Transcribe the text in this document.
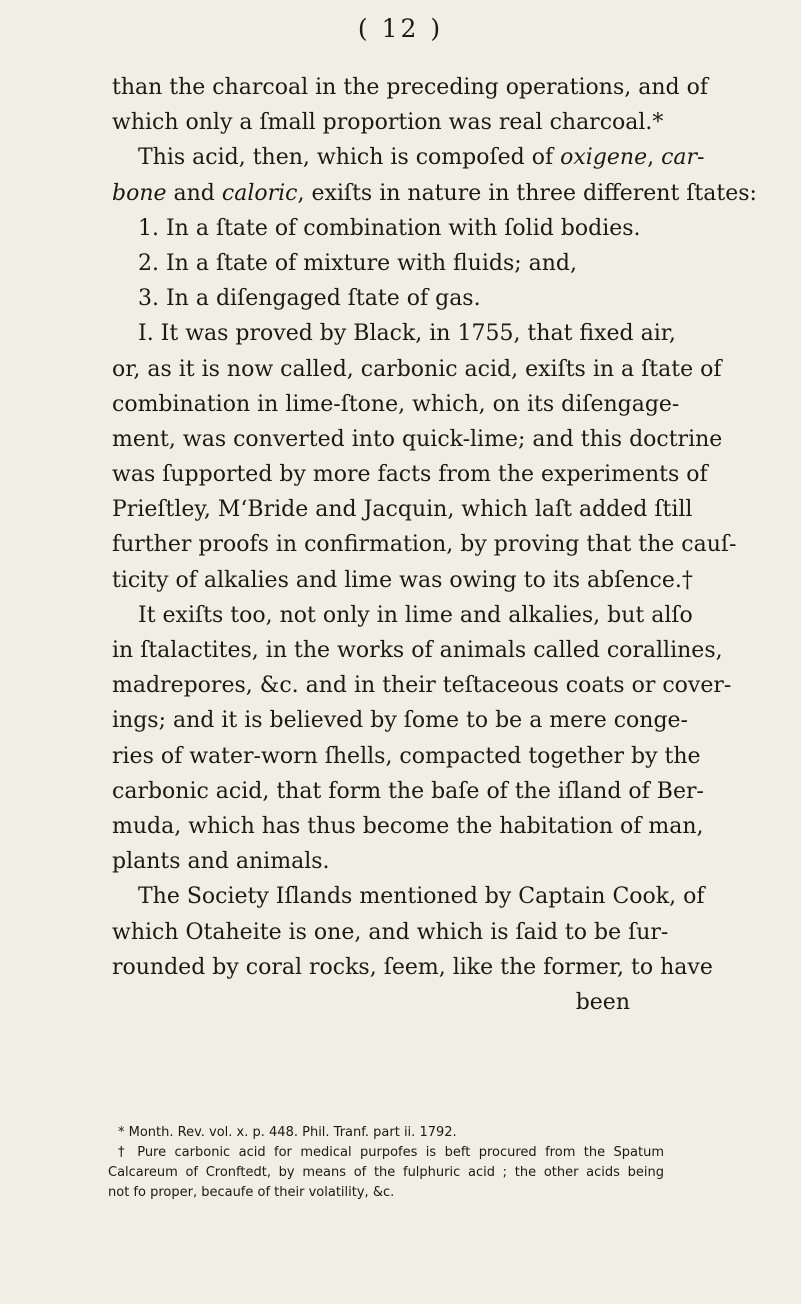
( 12 )
than the charcoal in the preceding operations, and of
which only a ſmall proportion was real charcoal.*
This acid, then, which is compoſed of oxigene, car-
bone and caloric, exiſts in nature in three different ſtates:
1. In a ſtate of combination with ſolid bodies.
2. In a ſtate of mixture with fluids; and,
3. In a diſengaged ſtate of gas.
I. It was proved by Black, in 1755, that fixed air,
or, as it is now called, carbonic acid, exiſts in a ſtate of
combination in lime-ſtone, which, on its diſengage-
ment, was converted into quick-lime; and this doctrine
was ſupported by more facts from the experiments of
Prieſtley, M‘Bride and Jacquin, which laſt added ſtill
further proofs in confirmation, by proving that the cauſ-
ticity of alkalies and lime was owing to its abſence.†
It exiſts too, not only in lime and alkalies, but alſo
in ſtalactites, in the works of animals called corallines,
madrepores, &c. and in their teſtaceous coats or cover-
ings; and it is believed by ſome to be a mere conge-
ries of water-worn ſhells, compacted together by the
carbonic acid, that form the baſe of the iſland of Ber-
muda, which has thus become the habitation of man,
plants and animals.
The Society Iſlands mentioned by Captain Cook, of
which Otaheite is one, and which is ſaid to be ſur-
rounded by coral rocks, ſeem, like the former, to have
been
* Month. Rev. vol. x. p. 448. Phil. Tranf. part ii. 1792.
† Pure carbonic acid for medical purpofes is beft procured from the Spatum
Calcareum of Cronftedt, by means of the fulphuric acid ; the other acids being
not fo proper, becaufe of their volatility, &c.
